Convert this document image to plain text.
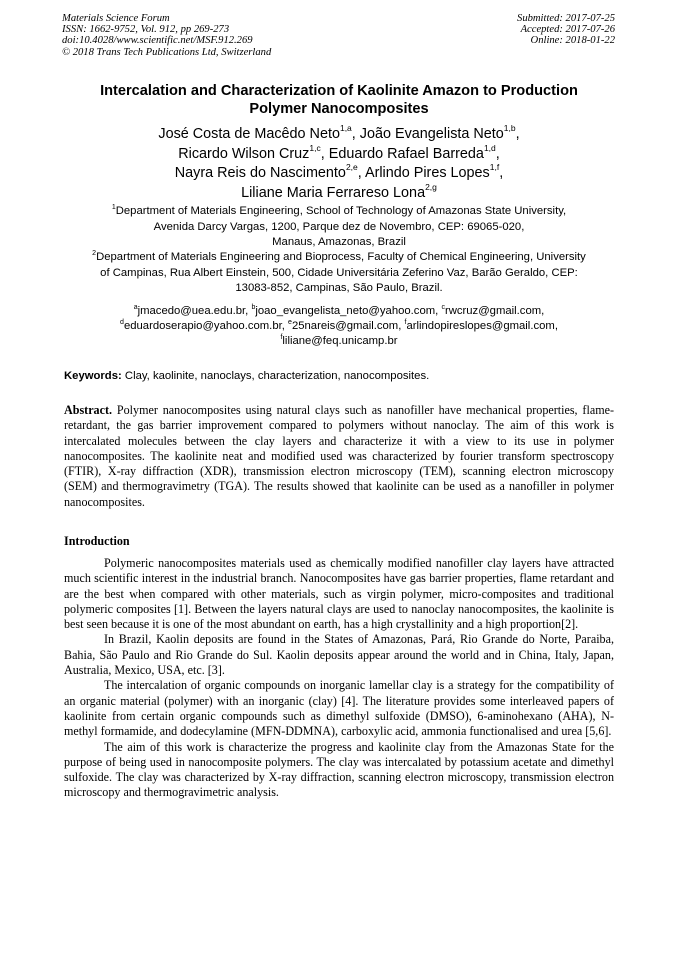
Materials Science Forum
ISSN: 1662-9752, Vol. 912, pp 269-273
doi:10.4028/www.scientific.net/MSF.912.269
© 2018 Trans Tech Publications Ltd, Switzerland
Submitted: 2017-07-25
Accepted: 2017-07-26
Online: 2018-01-22
Intercalation and Characterization of Kaolinite Amazon to Production
Polymer Nanocomposites
José Costa de Macêdo Neto$^{1,a}$, João Evangelista Neto$^{1,b}$,
Ricardo Wilson Cruz$^{1,c}$, Eduardo Rafael Barreda$^{1,d}$,
Nayra Reis do Nascimento$^{2,e}$, Arlindo Pires Lopes$^{1,f}$,
Liliane Maria Ferrareso Lona$^{2,g}$
$^1$Department of Materials Engineering, School of Technology of Amazonas State University,
Avenida Darcy Vargas, 1200, Parque dez de Novembro, CEP: 69065-020,
Manaus, Amazonas, Brazil
$^2$Department of Materials Engineering and Bioprocess, Faculty of Chemical Engineering, University
of Campinas, Rua Albert Einstein, 500, Cidade Universitária Zeferino Vaz, Barão Geraldo, CEP:
13083-852, Campinas, São Paulo, Brazil.
$^a$jmacedo@uea.edu.br, $^b$joao_evangelista_neto@yahoo.com, $^c$rwcruz@gmail.com,
$^d$eduardoserapio@yahoo.com.br, $^e$25nareis@gmail.com, $^f$arlindopireslopes@gmail.com,
$^f$liliane@feq.unicamp.br
Keywords: Clay, kaolinite, nanoclays, characterization, nanocomposites.
Abstract. Polymer nanocomposites using natural clays such as nanofiller have mechanical properties, flame-retardant, the gas barrier improvement compared to polymers without nanoclay. The aim of this work is intercalated molecules between the clay layers and characterize it with a view to its use in polymer nanocomposites. The kaolinite neat and modified used was characterized by fourier transform spectroscopy (FTIR), X-ray diffraction (XDR), transmission electron microscopy (TEM), scanning electron microscopy (SEM) and thermogravimetry (TGA). The results showed that kaolinite can be used as a nanofiller in polymer nanocomposites.
Introduction

Polymeric nanocomposites materials used as chemically modified nanofiller clay layers have attracted much scientific interest in the industrial branch. Nanocomposites have gas barrier properties, flame retardant and are the best when compared with other materials, such as virgin polymer, micro-composites and traditional polymeric composites [1]. Between the layers natural clays are used to nanoclay nanocomposites, the kaolinite is best seen because it is one of the most abundant on earth, has a high crystallinity and a high proportion[2].

In Brazil, Kaolin deposits are found in the States of Amazonas, Pará, Rio Grande do Norte, Paraiba, Bahia, São Paulo and Rio Grande do Sul. Kaolin deposits appear around the world and in China, Italy, Japan, Australia, Mexico, USA, etc. [3].

The intercalation of organic compounds on inorganic lamellar clay is a strategy for the compatibility of an organic material (polymer) with an inorganic (clay) [4]. The literature provides some interleaved papers of kaolinite from certain organic compounds such as dimethyl sulfoxide (DMSO), 6-aminohexano (AHA), N-methyl formamide, and dodecylamine (MFN-DDMNA), carboxylic acid, ammonia functionalised and urea [5,6].

The aim of this work is characterize the progress and kaolinite clay from the Amazonas State for the purpose of being used in nanocomposite polymers. The clay was intercalated by potassium acetate and dimethyl sulfoxide. The clay was characterized by X-ray diffraction, scanning electron microscopy, transmission electron microscopy and thermogravimetric analysis.
